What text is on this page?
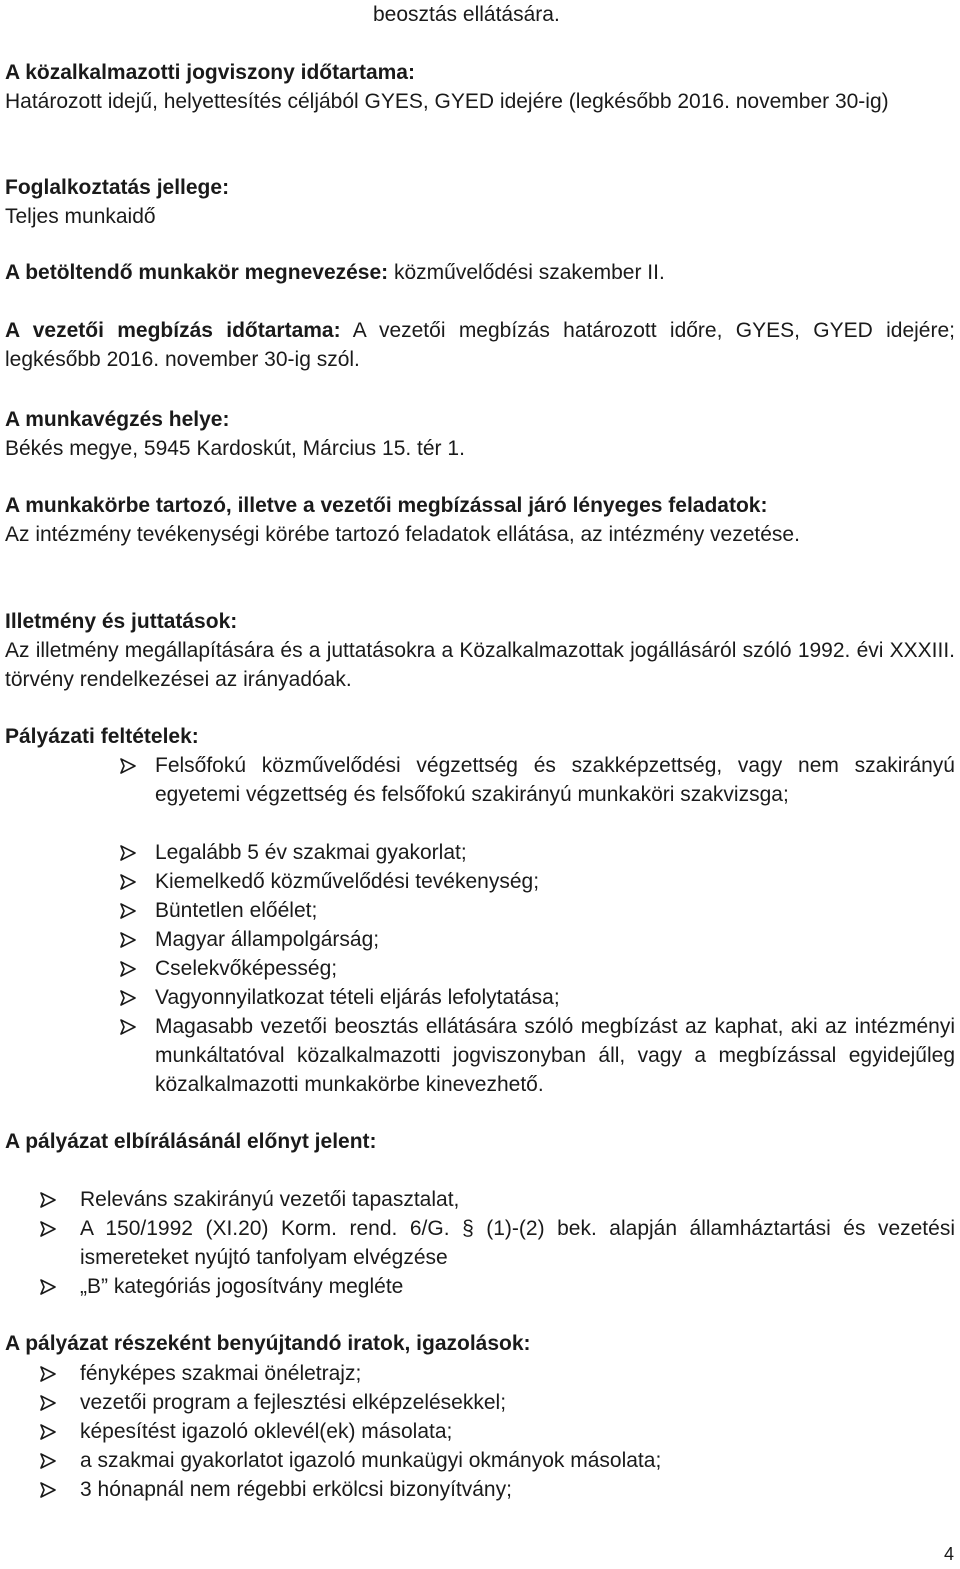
beosztás ellátására.
A közalkalmazotti jogviszony időtartama:
Határozott idejű, helyettesítés céljából GYES, GYED idejére (legkésőbb 2016. november 30-ig)
Foglalkoztatás jellege:
Teljes munkaidő
A betöltendő munkakör megnevezése: közművelődési szakember II.
A vezetői megbízás időtartama: A vezetői megbízás határozott időre, GYES, GYED idejére; legkésőbb 2016. november 30-ig szól.
A munkavégzés helye:
Békés megye, 5945 Kardoskút, Március 15. tér 1.
A munkakörbe tartozó, illetve a vezetői megbízással járó lényeges feladatok:
Az intézmény tevékenységi körébe tartozó feladatok ellátása, az intézmény vezetése.
Illetmény és juttatások:
Az illetmény megállapítására és a juttatásokra a Közalkalmazottak jogállásáról szóló 1992. évi XXXIII. törvény rendelkezései az irányadóak.
Pályázati feltételek:
Felsőfokú közművelődési végzettség és szakképzettség, vagy nem szakirányú egyetemi végzettség és felsőfokú szakirányú munkaköri szakvizsga;
Legalább 5 év szakmai gyakorlat;
Kiemelkedő közművelődési tevékenység;
Büntetlen előélet;
Magyar állampolgárság;
Cselekvőképesség;
Vagyonnyilatkozat tételi eljárás lefolytatása;
Magasabb vezetői beosztás ellátására szóló megbízást az kaphat, aki az intézményi munkáltatóval közalkalmazotti jogviszonyban áll, vagy a megbízással egyidejűleg közalkalmazotti munkakörbe kinevezhető.
A pályázat elbírálásánál előnyt jelent:
Releváns szakirányú vezetői tapasztalat,
A 150/1992 (XI.20) Korm. rend. 6/G. § (1)-(2) bek. alapján államháztartási és vezetési ismereteket nyújtó tanfolyam elvégzése
„B” kategóriás jogosítvány megléte
A pályázat részeként benyújtandó iratok, igazolások:
fényképes szakmai önéletrajz;
vezetői program a fejlesztési elképzelésekkel;
képesítést igazoló oklevél(ek) másolata;
a szakmai gyakorlatot igazoló munkaügyi okmányok másolata;
3 hónapnál nem régebbi erkölcsi bizonyítvány;
4
